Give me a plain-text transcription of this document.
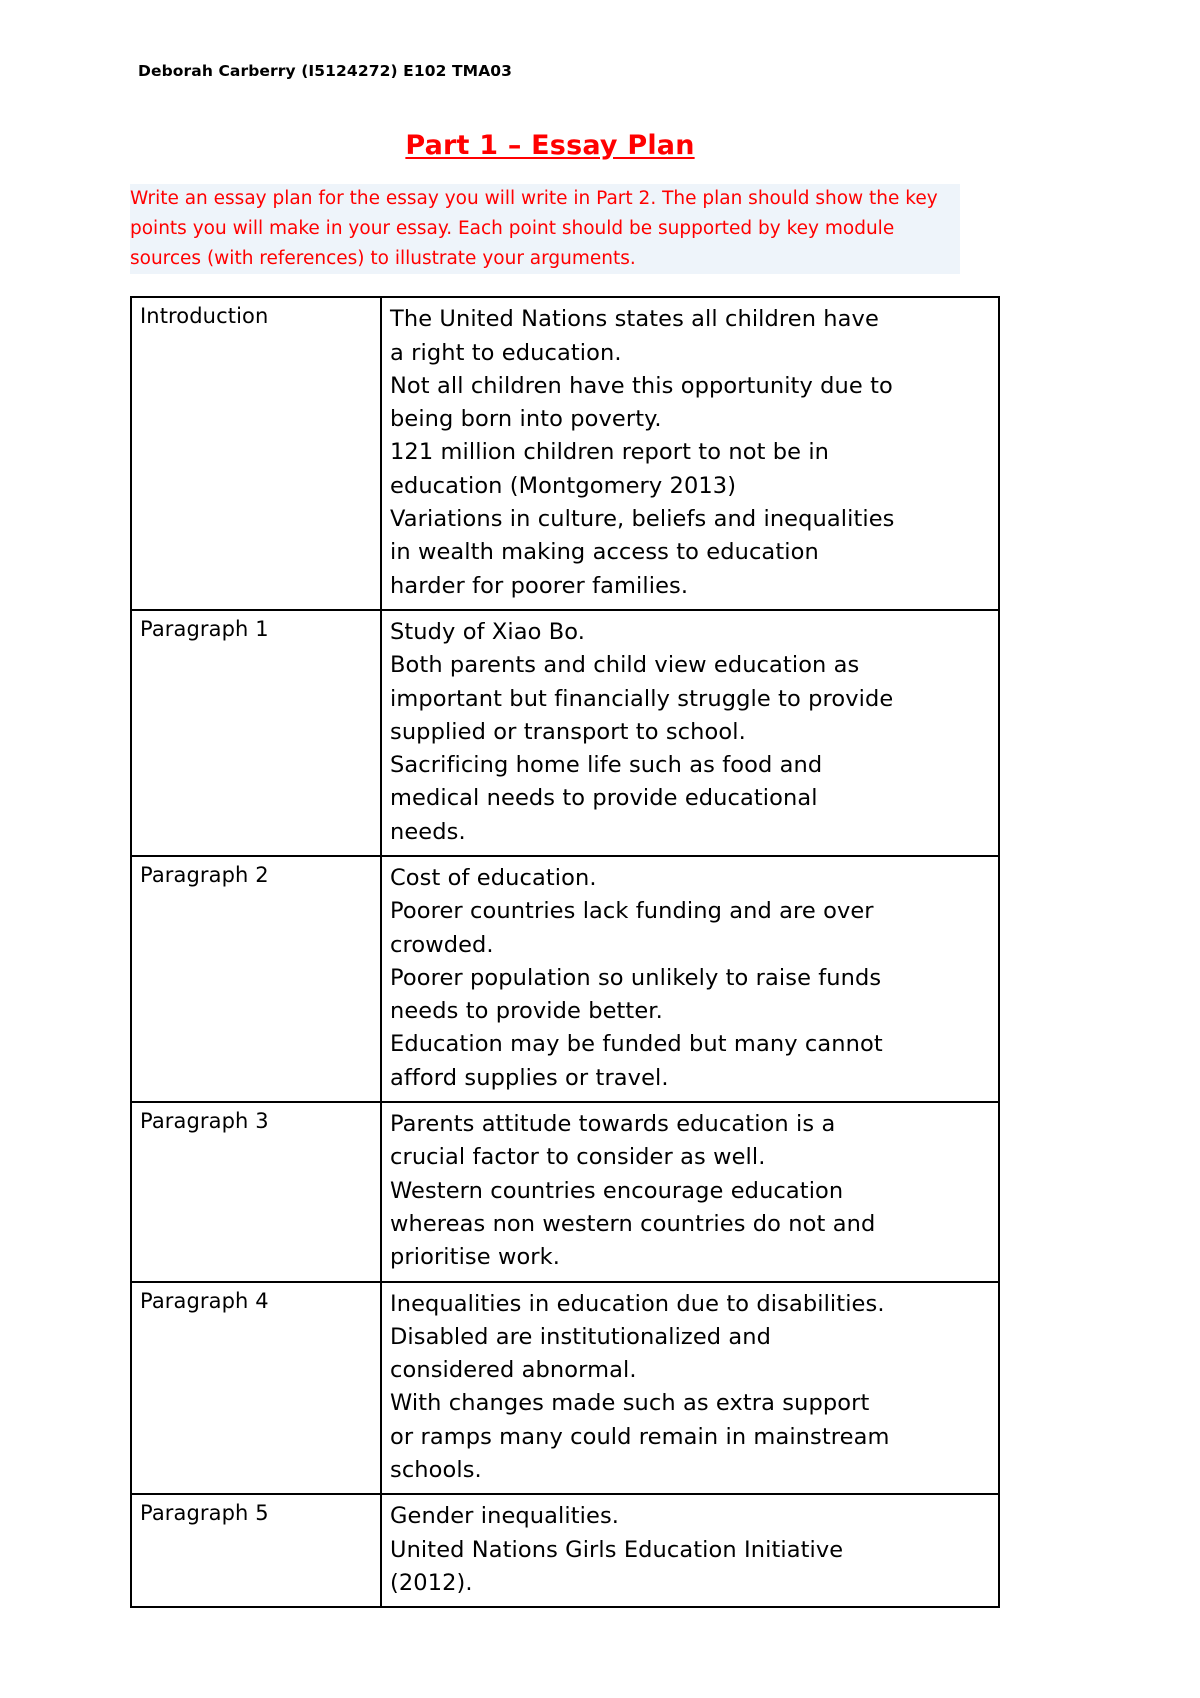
Deborah Carberry (I5124272) E102 TMA03
Part 1 – Essay Plan
Write an essay plan for the essay you will write in Part 2. The plan should show the key points you will make in your essay. Each point should be supported by key module sources (with references) to illustrate your arguments.
Introduction	The United Nations states all children have
a right to education.
Not all children have this opportunity due to
being born into poverty.
121 million children report to not be in
education (Montgomery 2013)
Variations in culture, beliefs and inequalities
in wealth making access to education
harder for poorer families.

Paragraph 1	Study of Xiao Bo.
Both parents and child view education as
important but financially struggle to provide
supplied or transport to school.
Sacrificing home life such as food and
medical needs to provide educational
needs.

Paragraph 2	Cost of education.
Poorer countries lack funding and are over
crowded.
Poorer population so unlikely to raise funds
needs to provide better.
Education may be funded but many cannot
afford supplies or travel.

Paragraph 3	Parents attitude towards education is a
crucial factor to consider as well.
Western countries encourage education
whereas non western countries do not and
prioritise work.

Paragraph 4	Inequalities in education due to disabilities.
Disabled are institutionalized and
considered abnormal.
With changes made such as extra support
or ramps many could remain in mainstream
schools.

Paragraph 5	Gender inequalities.
United Nations Girls Education Initiative
(2012).
